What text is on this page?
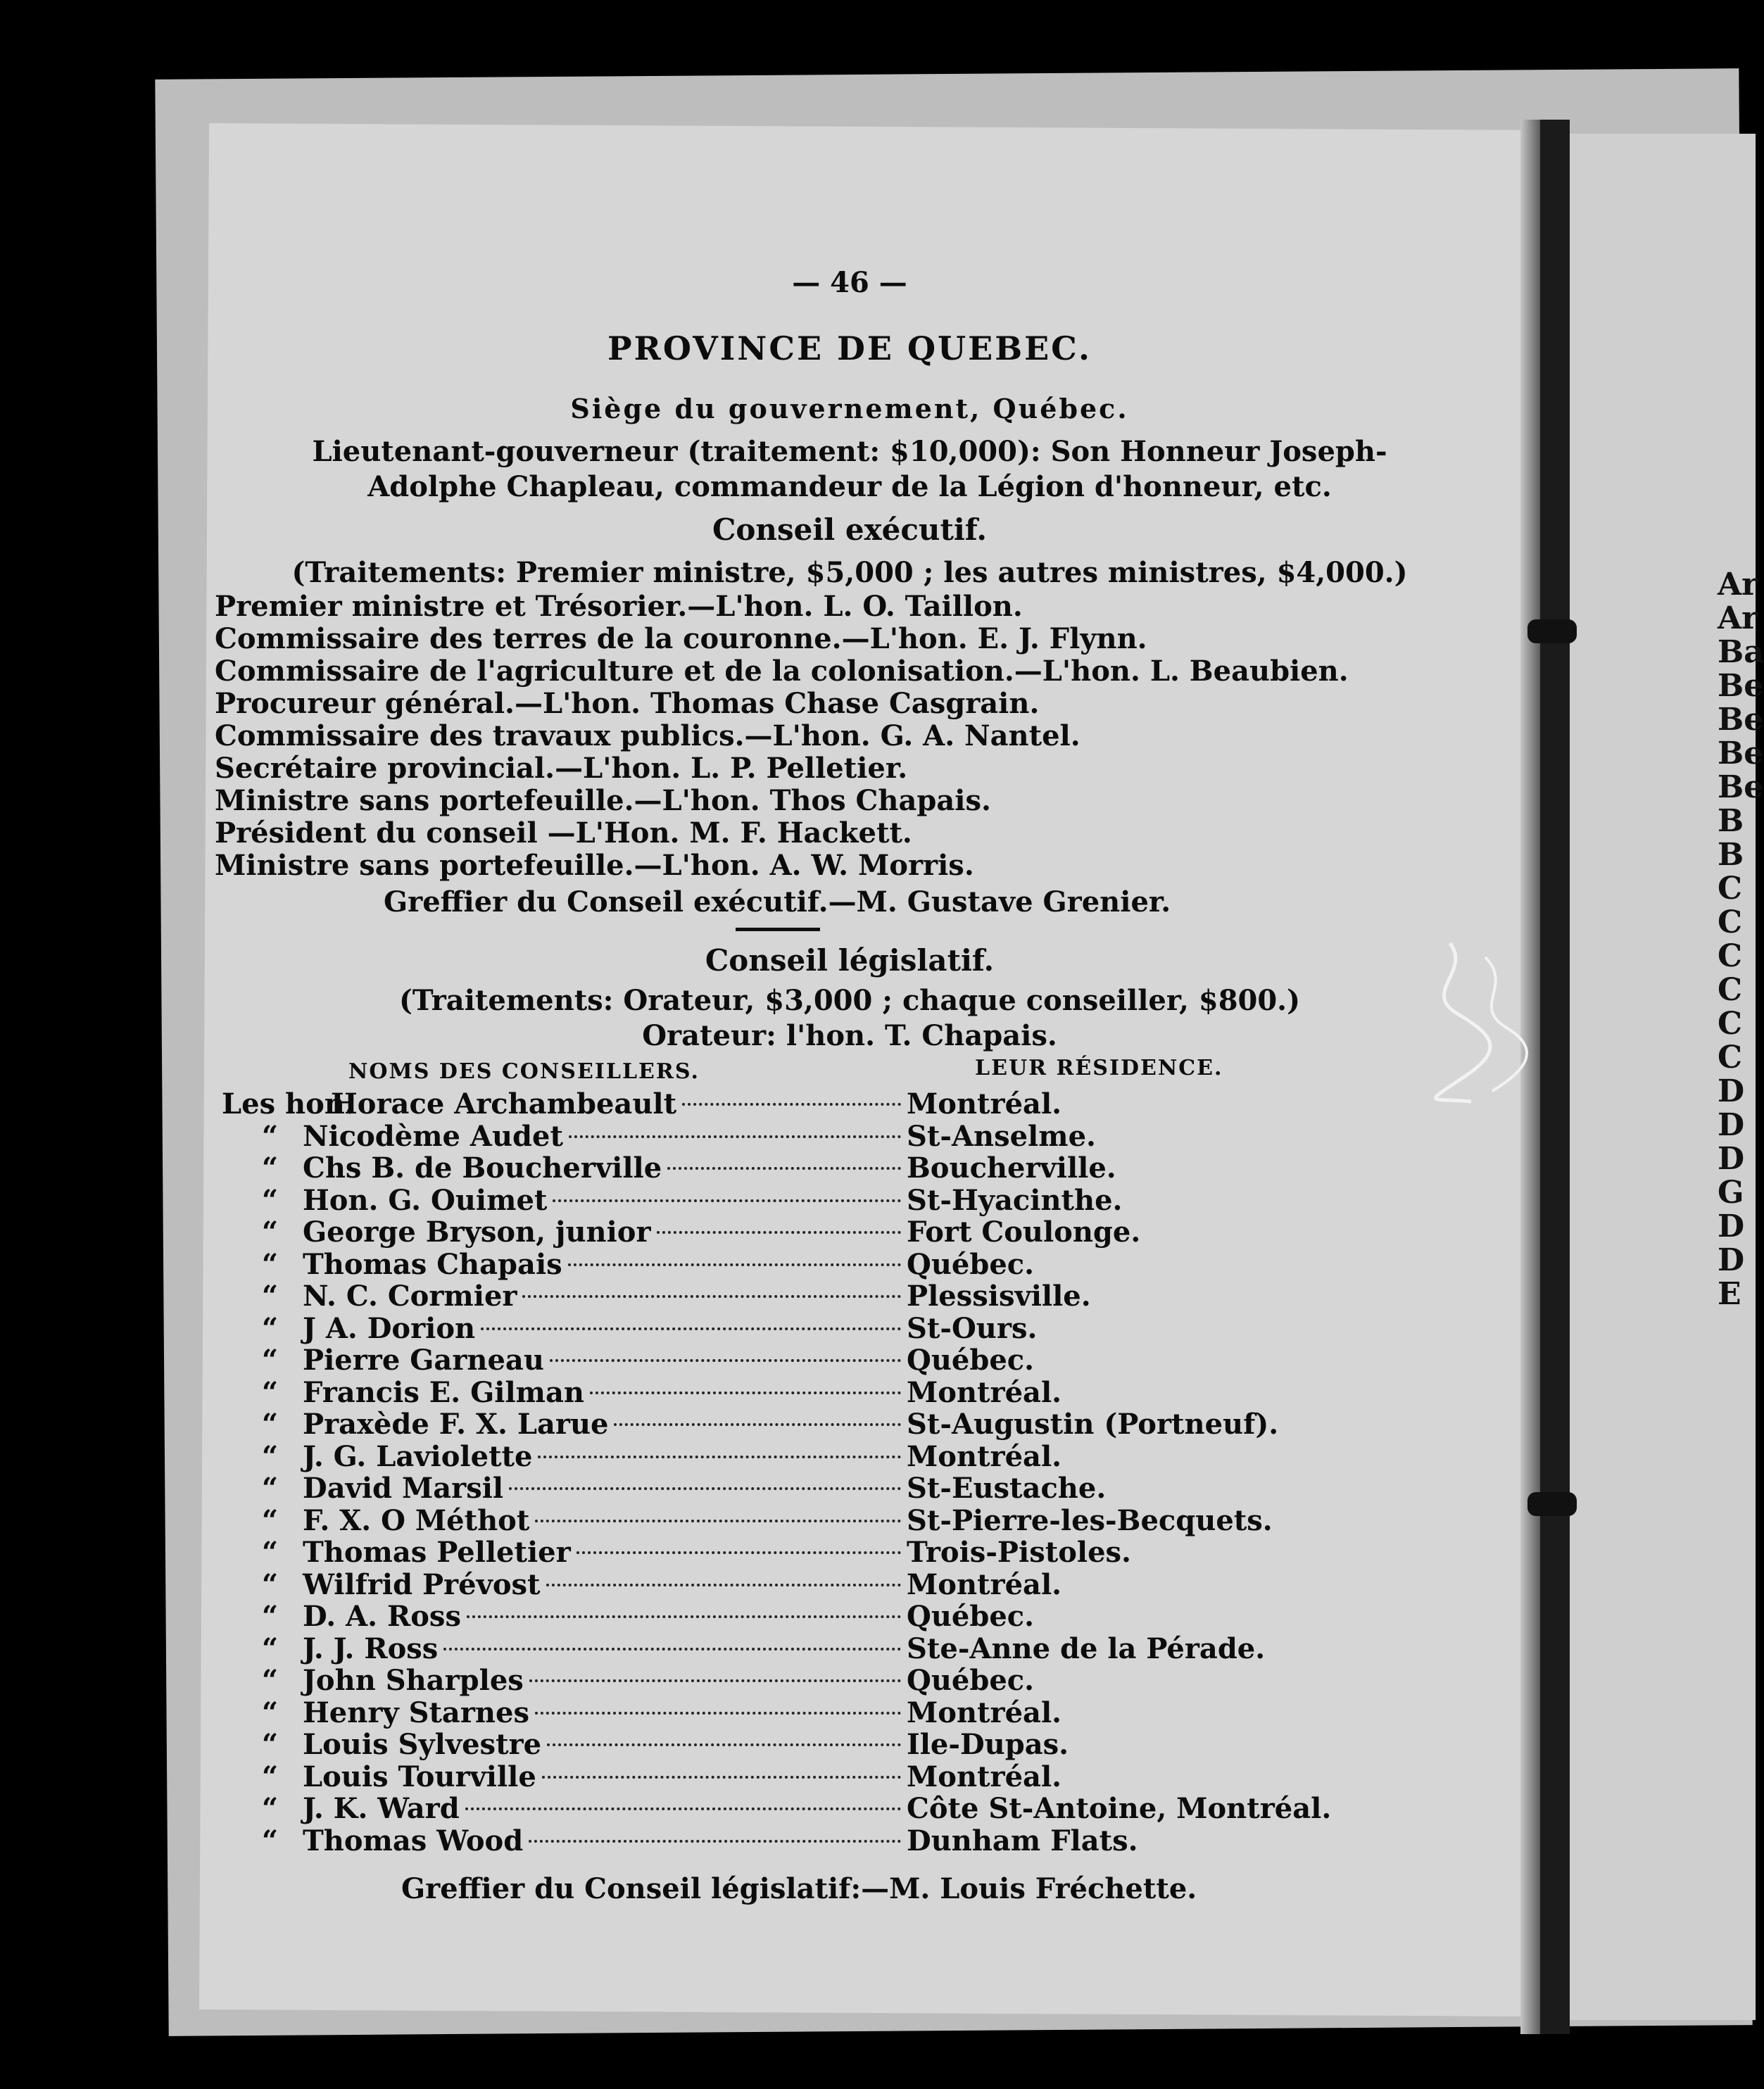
Ar
Ar
Ba
Be
Be
Be
Be
B
B
C
C
C
C
C
C
D
D
D
G
D
D
E
— 46 —
PROVINCE DE QUEBEC.
Siège du gouvernement, Québec.
Lieutenant-gouverneur (traitement: $10,000): Son Honneur Joseph-
Adolphe Chapleau, commandeur de la Légion d'honneur, etc.
Conseil exécutif.
(Traitements: Premier ministre, $5,000 ; les autres ministres, $4,000.)
Premier ministre et Trésorier.—L'hon. L. O. Taillon.
Commissaire des terres de la couronne.—L'hon. E. J. Flynn.
Commissaire de l'agriculture et de la colonisation.—L'hon. L. Beaubien.
Procureur général.—L'hon. Thomas Chase Casgrain.
Commissaire des travaux publics.—L'hon. G. A. Nantel.
Secrétaire provincial.—L'hon. L. P. Pelletier.
Ministre sans portefeuille.—L'hon. Thos Chapais.
Président du conseil —L'Hon. M. F. Hackett.
Ministre sans portefeuille.—L'hon. A. W. Morris.
Greffier du Conseil exécutif.—M. Gustave Grenier.
Conseil législatif.
(Traitements: Orateur, $3,000 ; chaque conseiller, $800.)
Orateur: l'hon. T. Chapais.
NOMS DES CONSEILLERS.	LEUR RÉSIDENCE.
Les hon.
Horace Archambeault	Montréal.
“ Nicodème Audet	St-Anselme.
“ Chs B. de Boucherville	Boucherville.
“ Hon. G. Ouimet	St-Hyacinthe.
“ George Bryson, junior	Fort Coulonge.
“ Thomas Chapais	Québec.
“ N. C. Cormier	Plessisville.
“ J A. Dorion	St-Ours.
“ Pierre Garneau	Québec.
“ Francis E. Gilman	Montréal.
“ Praxède F. X. Larue	St-Augustin (Portneuf).
“ J. G. Laviolette	Montréal.
“ David Marsil	St-Eustache.
“ F. X. O Méthot	St-Pierre-les-Becquets.
“ Thomas Pelletier	Trois-Pistoles.
“ Wilfrid Prévost	Montréal.
“ D. A. Ross	Québec.
“ J. J. Ross	Ste-Anne de la Pérade.
“ John Sharples	Québec.
“ Henry Starnes	Montréal.
“ Louis Sylvestre	Ile-Dupas.
“ Louis Tourville	Montréal.
“ J. K. Ward	Côte St-Antoine, Montréal.
“ Thomas Wood	Dunham Flats.
Greffier du Conseil législatif:—M. Louis Fréchette.
